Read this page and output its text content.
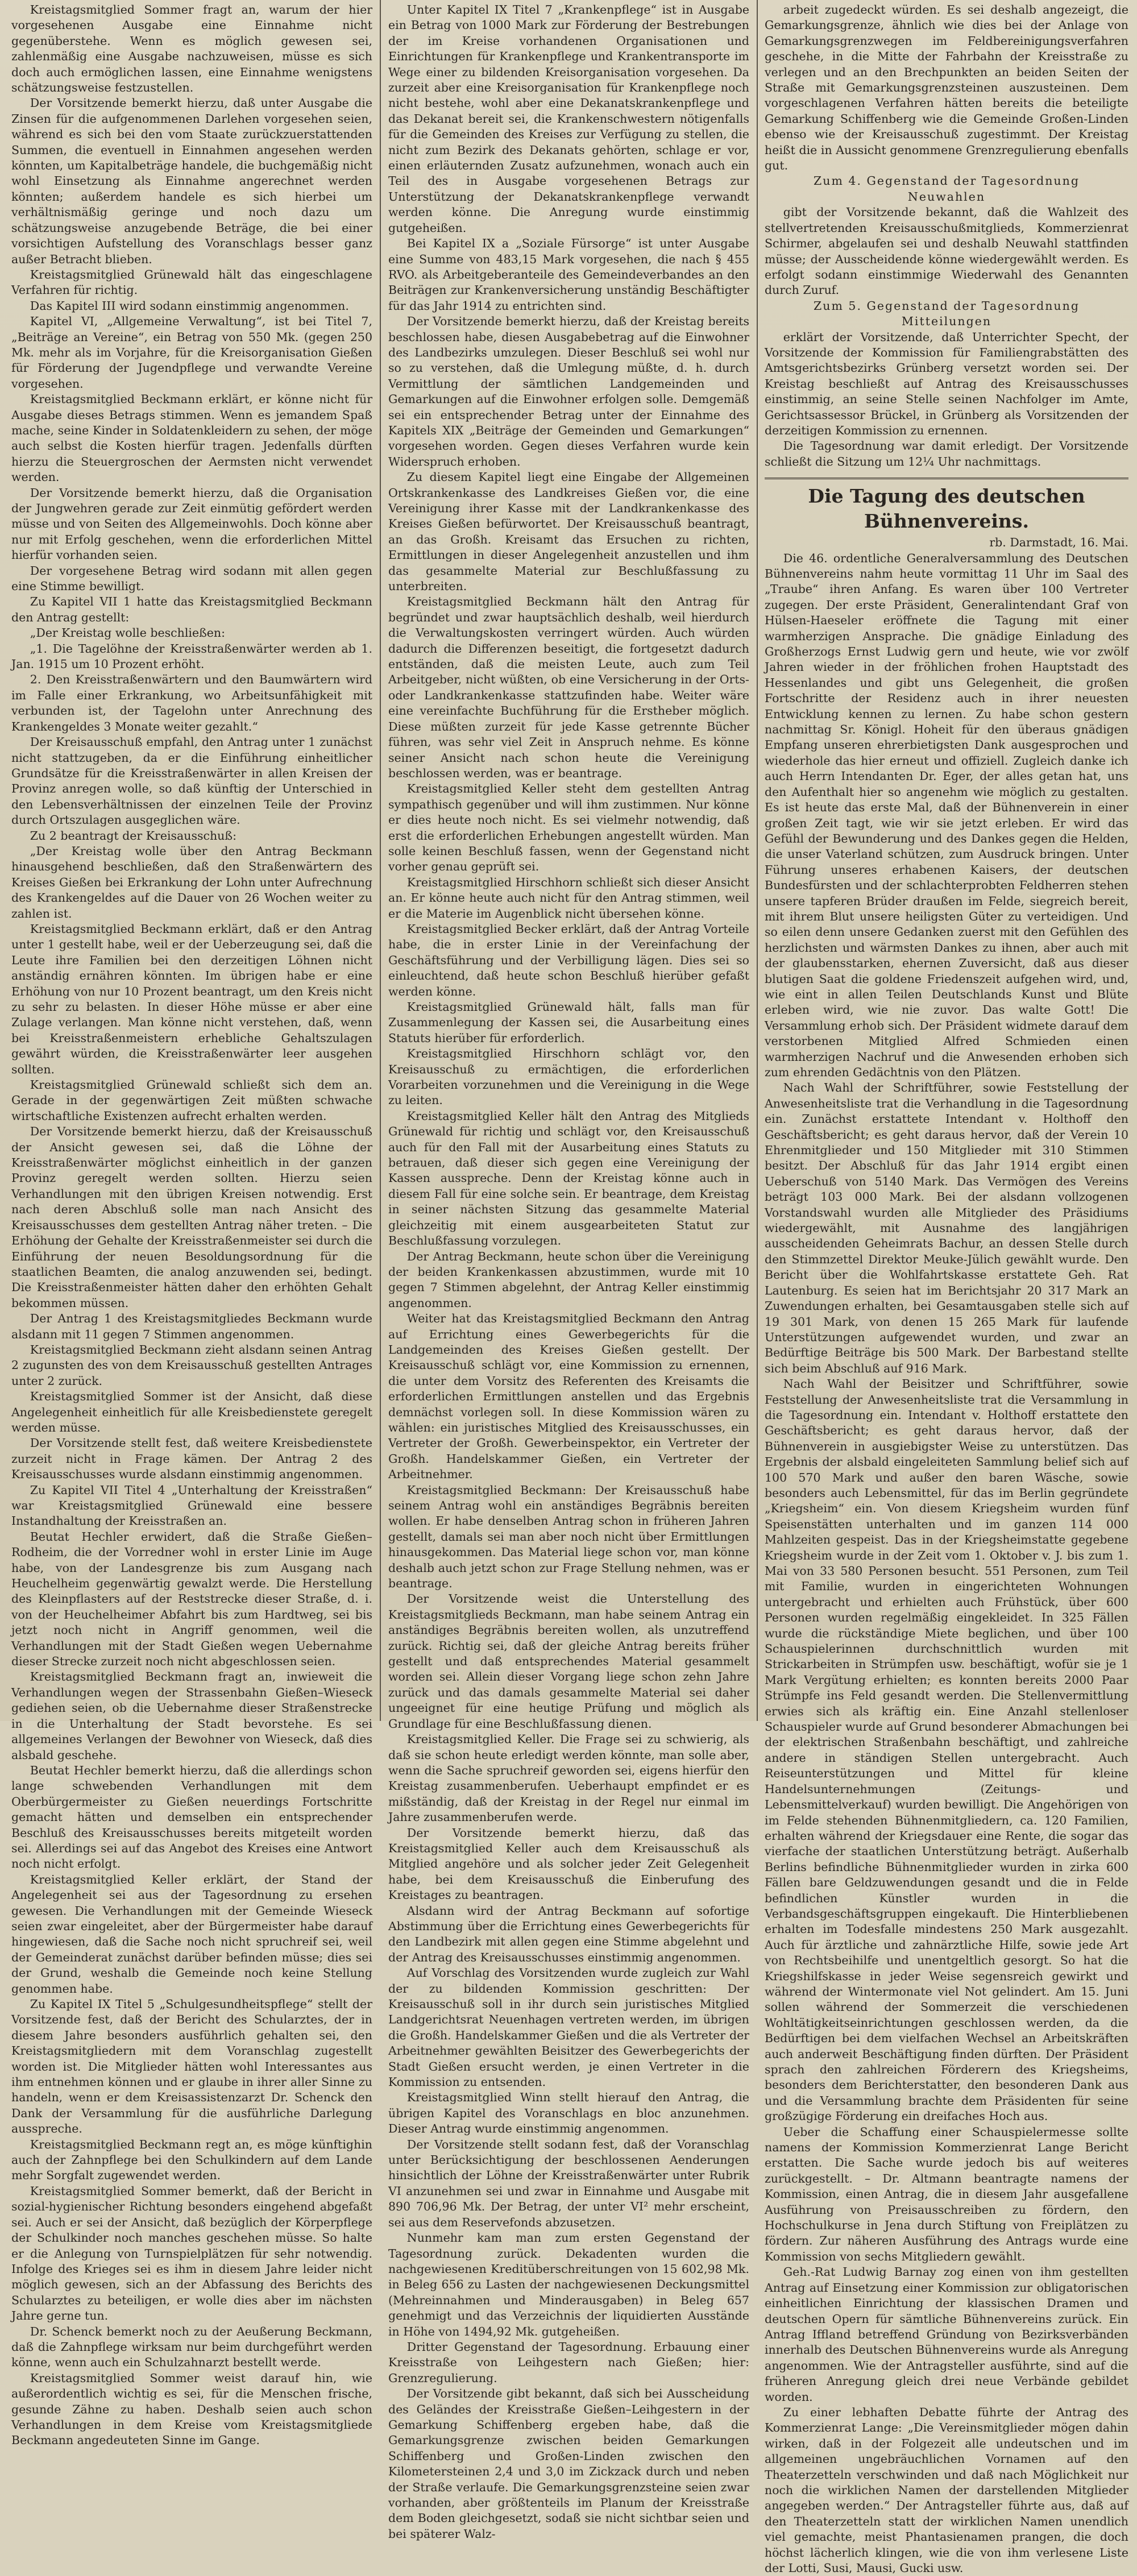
Kreistagsmitglied Sommer fragt an, warum der hier vorgesehenen Ausgabe eine Einnahme nicht gegenüberstehe. Wenn es möglich gewesen sei, zahlenmäßig eine Ausgabe nachzuweisen, müsse es sich doch auch ermöglichen lassen, eine Einnahme wenigstens schätzungsweise festzustellen.

Der Vorsitzende bemerkt hierzu, daß unter Ausgabe die Zinsen für die aufgenommenen Darlehen vorgesehen seien, während es sich bei den vom Staate zurückzuerstattenden Summen, die eventuell in Einnahmen angesehen werden könnten, um Kapitalbeträge handele, die buchgemäßig nicht wohl Einsetzung als Einnahme angerechnet werden könnten; außerdem handele es sich hierbei um verhältnismäßig geringe und noch dazu um schätzungsweise anzugebende Beträge, die bei einer vorsichtigen Aufstellung des Voranschlags besser ganz außer Betracht blieben.

Kreistagsmitglied Grünewald hält das eingeschlagene Verfahren für richtig.

Das Kapitel III wird sodann einstimmig angenommen.

Kapitel VI, „Allgemeine Verwaltung“, ist bei Titel 7, „Beiträge an Vereine“, ein Betrag von 550 Mk. (gegen 250 Mk. mehr als im Vorjahre, für die Kreisorganisation Gießen für Förderung der Jugendpflege und verwandte Vereine vorgesehen.

Kreistagsmitglied Beckmann erklärt, er könne nicht für Ausgabe dieses Betrags stimmen. Wenn es jemandem Spaß mache, seine Kinder in Soldatenkleidern zu sehen, der möge auch selbst die Kosten hierfür tragen. Jedenfalls dürften hierzu die Steuergroschen der Aermsten nicht verwendet werden.

Der Vorsitzende bemerkt hierzu, daß die Organisation der Jungwehren gerade zur Zeit einmütig gefördert werden müsse und von Seiten des Allgemeinwohls. Doch könne aber nur mit Erfolg geschehen, wenn die erforderlichen Mittel hierfür vorhanden seien.

Der vorgesehene Betrag wird sodann mit allen gegen eine Stimme bewilligt.

Zu Kapitel VII 1 hatte das Kreistagsmitglied Beckmann den Antrag gestellt:

„Der Kreistag wolle beschließen:

„1. Die Tagelöhne der Kreisstraßenwärter werden ab 1. Jan. 1915 um 10 Prozent erhöht.

2. Den Kreisstraßenwärtern und den Baumwärtern wird im Falle einer Erkrankung, wo Arbeitsunfähigkeit mit verbunden ist, der Tagelohn unter Anrechnung des Krankengeldes 3 Monate weiter gezahlt.“

Der Kreisausschuß empfahl, den Antrag unter 1 zunächst nicht stattzugeben, da er die Einführung einheitlicher Grundsätze für die Kreisstraßenwärter in allen Kreisen der Provinz anregen wolle, so daß künftig der Unterschied in den Lebensverhältnissen der einzelnen Teile der Provinz durch Ortszulagen ausgeglichen wäre.

Zu 2 beantragt der Kreisausschuß:

„Der Kreistag wolle über den Antrag Beckmann hinausgehend beschließen, daß den Straßenwärtern des Kreises Gießen bei Erkrankung der Lohn unter Aufrechnung des Krankengeldes auf die Dauer von 26 Wochen weiter zu zahlen ist.

Kreistagsmitglied Beckmann erklärt, daß er den Antrag unter 1 gestellt habe, weil er der Ueberzeugung sei, daß die Leute ihre Familien bei den derzeitigen Löhnen nicht anständig ernähren könnten. Im übrigen habe er eine Erhöhung von nur 10 Prozent beantragt, um den Kreis nicht zu sehr zu belasten. In dieser Höhe müsse er aber eine Zulage verlangen. Man könne nicht verstehen, daß, wenn bei Kreisstraßenmeistern erhebliche Gehaltszulagen gewährt würden, die Kreisstraßenwärter leer ausgehen sollten.

Kreistagsmitglied Grünewald schließt sich dem an. Gerade in der gegenwärtigen Zeit müßten schwache wirtschaftliche Existenzen aufrecht erhalten werden.

Der Vorsitzende bemerkt hierzu, daß der Kreisausschuß der Ansicht gewesen sei, daß die Löhne der Kreisstraßenwärter möglichst einheitlich in der ganzen Provinz geregelt werden sollten. Hierzu seien Verhandlungen mit den übrigen Kreisen notwendig. Erst nach deren Abschluß solle man nach Ansicht des Kreisausschusses dem gestellten Antrag näher treten. – Die Erhöhung der Gehalte der Kreisstraßenmeister sei durch die Einführung der neuen Besoldungsordnung für die staatlichen Beamten, die analog anzuwenden sei, bedingt. Die Kreisstraßenmeister hätten daher den erhöhten Gehalt bekommen müssen.

Der Antrag 1 des Kreistagsmitgliedes Beckmann wurde alsdann mit 11 gegen 7 Stimmen angenommen.

Kreistagsmitglied Beckmann zieht alsdann seinen Antrag 2 zugunsten des von dem Kreisausschuß gestellten Antrages unter 2 zurück.

Kreistagsmitglied Sommer ist der Ansicht, daß diese Angelegenheit einheitlich für alle Kreisbedienstete geregelt werden müsse.

Der Vorsitzende stellt fest, daß weitere Kreisbedienstete zurzeit nicht in Frage kämen. Der Antrag 2 des Kreisausschusses wurde alsdann einstimmig angenommen.

Zu Kapitel VII Titel 4 „Unterhaltung der Kreisstraßen“ war Kreistagsmitglied Grünewald eine bessere Instandhaltung der Kreisstraßen an.

Beutat Hechler erwidert, daß die Straße Gießen–Rodheim, die der Vorredner wohl in erster Linie im Auge habe, von der Landesgrenze bis zum Ausgang nach Heuchelheim gegenwärtig gewalzt werde. Die Herstellung des Kleinpflasters auf der Reststrecke dieser Straße, d. i. von der Heuchelheimer Abfahrt bis zum Hardtweg, sei bis jetzt noch nicht in Angriff genommen, weil die Verhandlungen mit der Stadt Gießen wegen Uebernahme dieser Strecke zurzeit noch nicht abgeschlossen seien.

Kreistagsmitglied Beckmann fragt an, inwieweit die Verhandlungen wegen der Strassenbahn Gießen–Wieseck gediehen seien, ob die Uebernahme dieser Straßenstrecke in die Unterhaltung der Stadt bevorstehe. Es sei allgemeines Verlangen der Bewohner von Wieseck, daß dies alsbald geschehe.

Beutat Hechler bemerkt hierzu, daß die allerdings schon lange schwebenden Verhandlungen mit dem Oberbürgermeister zu Gießen neuerdings Fortschritte gemacht hätten und demselben ein entsprechender Beschluß des Kreisausschusses bereits mitgeteilt worden sei. Allerdings sei auf das Angebot des Kreises eine Antwort noch nicht erfolgt.

Kreistagsmitglied Keller erklärt, der Stand der Angelegenheit sei aus der Tagesordnung zu ersehen gewesen. Die Verhandlungen mit der Gemeinde Wieseck seien zwar eingeleitet, aber der Bürgermeister habe darauf hingewiesen, daß die Sache noch nicht spruchreif sei, weil der Gemeinderat zunächst darüber befinden müsse; dies sei der Grund, weshalb die Gemeinde noch keine Stellung genommen habe.

Zu Kapitel IX Titel 5 „Schulgesundheitspflege“ stellt der Vorsitzende fest, daß der Bericht des Schularztes, der in diesem Jahre besonders ausführlich gehalten sei, den Kreistagsmitgliedern mit dem Voranschlag zugestellt worden ist. Die Mitglieder hätten wohl Interessantes aus ihm entnehmen können und er glaube in ihrer aller Sinne zu handeln, wenn er dem Kreisassistenzarzt Dr. Schenck den Dank der Versammlung für die ausführliche Darlegung ausspreche.

Kreistagsmitglied Beckmann regt an, es möge künftighin auch der Zahnpflege bei den Schulkindern auf dem Lande mehr Sorgfalt zugewendet werden.

Kreistagsmitglied Sommer bemerkt, daß der Bericht in sozial-hygienischer Richtung besonders eingehend abgefaßt sei. Auch er sei der Ansicht, daß bezüglich der Körperpflege der Schulkinder noch manches geschehen müsse. So halte er die Anlegung von Turnspielplätzen für sehr notwendig. Infolge des Krieges sei es ihm in diesem Jahre leider nicht möglich gewesen, sich an der Abfassung des Berichts des Schularztes zu beteiligen, er wolle dies aber im nächsten Jahre gerne tun.

Dr. Schenck bemerkt noch zu der Aeußerung Beckmann, daß die Zahnpflege wirksam nur beim durchgeführt werden könne, wenn auch ein Schulzahnarzt bestellt werde.

Kreistagsmitglied Sommer weist darauf hin, wie außerordentlich wichtig es sei, für die Menschen frische, gesunde Zähne zu haben. Deshalb seien auch schon Verhandlungen in dem Kreise vom Kreistagsmitgliede Beckmann angedeuteten Sinne im Gange.

Unter Kapitel IX Titel 7 „Krankenpflege“ ist in Ausgabe ein Betrag von 1000 Mark zur Förderung der Bestrebungen der im Kreise vorhandenen Organisationen und Einrichtungen für Krankenpflege und Krankentransporte im Wege einer zu bildenden Kreisorganisation vorgesehen. Da zurzeit aber eine Kreisorganisation für Krankenpflege noch nicht bestehe, wohl aber eine Dekanatskrankenpflege und das Dekanat bereit sei, die Krankenschwestern nötigenfalls für die Gemeinden des Kreises zur Verfügung zu stellen, die nicht zum Bezirk des Dekanats gehörten, schlage er vor, einen erläuternden Zusatz aufzunehmen, wonach auch ein Teil des in Ausgabe vorgesehenen Betrags zur Unterstützung der Dekanatskrankenpflege verwandt werden könne. Die Anregung wurde einstimmig gutgeheißen.

Bei Kapitel IX a „Soziale Fürsorge“ ist unter Ausgabe eine Summe von 483,15 Mark vorgesehen, die nach § 455 RVO. als Arbeitgeberanteile des Gemeindeverbandes an den Beiträgen zur Krankenversicherung unständig Beschäftigter für das Jahr 1914 zu entrichten sind.

Der Vorsitzende bemerkt hierzu, daß der Kreistag bereits beschlossen habe, diesen Ausgabebetrag auf die Einwohner des Landbezirks umzulegen. Dieser Beschluß sei wohl nur so zu verstehen, daß die Umlegung müßte, d. h. durch Vermittlung der sämtlichen Landgemeinden und Gemarkungen auf die Einwohner erfolgen solle. Demgemäß sei ein entsprechender Betrag unter der Einnahme des Kapitels XIX „Beiträge der Gemeinden und Gemarkungen“ vorgesehen worden. Gegen dieses Verfahren wurde kein Widerspruch erhoben.

Zu diesem Kapitel liegt eine Eingabe der Allgemeinen Ortskrankenkasse des Landkreises Gießen vor, die eine Vereinigung ihrer Kasse mit der Landkrankenkasse des Kreises Gießen befürwortet. Der Kreisausschuß beantragt, an das Großh. Kreisamt das Ersuchen zu richten, Ermittlungen in dieser Angelegenheit anzustellen und ihm das gesammelte Material zur Beschlußfassung zu unterbreiten.

Kreistagsmitglied Beckmann hält den Antrag für begründet und zwar hauptsächlich deshalb, weil hierdurch die Verwaltungskosten verringert würden. Auch würden dadurch die Differenzen beseitigt, die fortgesetzt dadurch entständen, daß die meisten Leute, auch zum Teil Arbeitgeber, nicht wüßten, ob eine Versicherung in der Orts- oder Landkrankenkasse stattzufinden habe. Weiter wäre eine vereinfachte Buchführung für die Erstheber möglich. Diese müßten zurzeit für jede Kasse getrennte Bücher führen, was sehr viel Zeit in Anspruch nehme. Es könne seiner Ansicht nach schon heute die Vereinigung beschlossen werden, was er beantrage.

Kreistagsmitglied Keller steht dem gestellten Antrag sympathisch gegenüber und will ihm zustimmen. Nur könne er dies heute noch nicht. Es sei vielmehr notwendig, daß erst die erforderlichen Erhebungen angestellt würden. Man solle keinen Beschluß fassen, wenn der Gegenstand nicht vorher genau geprüft sei.

Kreistagsmitglied Hirschhorn schließt sich dieser Ansicht an. Er könne heute auch nicht für den Antrag stimmen, weil er die Materie im Augenblick nicht übersehen könne.

Kreistagsmitglied Becker erklärt, daß der Antrag Vorteile habe, die in erster Linie in der Vereinfachung der Geschäftsführung und der Verbilligung lägen. Dies sei so einleuchtend, daß heute schon Beschluß hierüber gefaßt werden könne.

Kreistagsmitglied Grünewald hält, falls man für Zusammenlegung der Kassen sei, die Ausarbeitung eines Statuts hierüber für erforderlich.

Kreistagsmitglied Hirschhorn schlägt vor, den Kreisausschuß zu ermächtigen, die erforderlichen Vorarbeiten vorzunehmen und die Vereinigung in die Wege zu leiten.

Kreistagsmitglied Keller hält den Antrag des Mitglieds Grünewald für richtig und schlägt vor, den Kreisausschuß auch für den Fall mit der Ausarbeitung eines Statuts zu betrauen, daß dieser sich gegen eine Vereinigung der Kassen ausspreche. Denn der Kreistag könne auch in diesem Fall für eine solche sein. Er beantrage, dem Kreistag in seiner nächsten Sitzung das gesammelte Material gleichzeitig mit einem ausgearbeiteten Statut zur Beschlußfassung vorzulegen.

Der Antrag Beckmann, heute schon über die Vereinigung der beiden Krankenkassen abzustimmen, wurde mit 10 gegen 7 Stimmen abgelehnt, der Antrag Keller einstimmig angenommen.

Weiter hat das Kreistagsmitglied Beckmann den Antrag auf Errichtung eines Gewerbegerichts für die Landgemeinden des Kreises Gießen gestellt. Der Kreisausschuß schlägt vor, eine Kommission zu ernennen, die unter dem Vorsitz des Referenten des Kreisamts die erforderlichen Ermittlungen anstellen und das Ergebnis demnächst vorlegen soll. In diese Kommission wären zu wählen: ein juristisches Mitglied des Kreisausschusses, ein Vertreter der Großh. Gewerbeinspektor, ein Vertreter der Großh. Handelskammer Gießen, ein Vertreter der Arbeitnehmer.

Kreistagsmitglied Beckmann: Der Kreisausschuß habe seinem Antrag wohl ein anständiges Begräbnis bereiten wollen. Er habe denselben Antrag schon in früheren Jahren gestellt, damals sei man aber noch nicht über Ermittlungen hinausgekommen. Das Material liege schon vor, man könne deshalb auch jetzt schon zur Frage Stellung nehmen, was er beantrage.

Der Vorsitzende weist die Unterstellung des Kreistagsmitglieds Beckmann, man habe seinem Antrag ein anständiges Begräbnis bereiten wollen, als unzutreffend zurück. Richtig sei, daß der gleiche Antrag bereits früher gestellt und daß entsprechendes Material gesammelt worden sei. Allein dieser Vorgang liege schon zehn Jahre zurück und das damals gesammelte Material sei daher ungeeignet für eine heutige Prüfung und möglich als Grundlage für eine Beschlußfassung dienen.

Kreistagsmitglied Keller. Die Frage sei zu schwierig, als daß sie schon heute erledigt werden könnte, man solle aber, wenn die Sache spruchreif geworden sei, eigens hierfür den Kreistag zusammenberufen. Ueberhaupt empfindet er es mißständig, daß der Kreistag in der Regel nur einmal im Jahre zusammenberufen werde.

Der Vorsitzende bemerkt hierzu, daß das Kreistagsmitglied Keller auch dem Kreisausschuß als Mitglied angehöre und als solcher jeder Zeit Gelegenheit habe, bei dem Kreisausschuß die Einberufung des Kreistages zu beantragen.

Alsdann wird der Antrag Beckmann auf sofortige Abstimmung über die Errichtung eines Gewerbegerichts für den Landbezirk mit allen gegen eine Stimme abgelehnt und der Antrag des Kreisausschusses einstimmig angenommen.

Auf Vorschlag des Vorsitzenden wurde zugleich zur Wahl der zu bildenden Kommission geschritten: Der Kreisausschuß soll in ihr durch sein juristisches Mitglied Landgerichtsrat Neuenhagen vertreten werden, im übrigen die Großh. Handelskammer Gießen und die als Vertreter der Arbeitnehmer gewählten Beisitzer des Gewerbegerichts der Stadt Gießen ersucht werden, je einen Vertreter in die Kommission zu entsenden.

Kreistagsmitglied Winn stellt hierauf den Antrag, die übrigen Kapitel des Voranschlags en bloc anzunehmen. Dieser Antrag wurde einstimmig angenommen.

Der Vorsitzende stellt sodann fest, daß der Voranschlag unter Berücksichtigung der beschlossenen Aenderungen hinsichtlich der Löhne der Kreisstraßenwärter unter Rubrik VI anzunehmen sei und zwar in Einnahme und Ausgabe mit 890 706,96 Mk. Der Betrag, der unter VI² mehr erscheint, sei aus dem Reservefonds abzusetzen.

Nunmehr kam man zum ersten Gegenstand der Tagesordnung zurück. Dekadenten wurden die nachgewiesenen Kreditüberschreitungen von 15 602,98 Mk. in Beleg 656 zu Lasten der nachgewiesenen Deckungsmittel (Mehreinnahmen und Minderausgaben) in Beleg 657 genehmigt und das Verzeichnis der liquidierten Ausstände in Höhe von 1494,92 Mk. gutgeheißen.

Dritter Gegenstand der Tagesordnung. Erbauung einer Kreisstraße von Leihgestern nach Gießen; hier: Grenzregulierung.

Der Vorsitzende gibt bekannt, daß sich bei Ausscheidung des Geländes der Kreisstraße Gießen–Leihgestern in der Gemarkung Schiffenberg ergeben habe, daß die Gemarkungsgrenze zwischen beiden Gemarkungen Schiffenberg und Großen-Linden zwischen den Kilometersteinen 2,4 und 3,0 im Zickzack durch und neben der Straße verlaufe. Die Gemarkungsgrenzsteine seien zwar vorhanden, aber größtenteils im Planum der Kreisstraße dem Boden gleichgesetzt, sodaß sie nicht sichtbar seien und bei späterer Walz-

arbeit zugedeckt würden. Es sei deshalb angezeigt, die Gemarkungsgrenze, ähnlich wie dies bei der Anlage von Gemarkungsgrenzwegen im Feldbereinigungsverfahren geschehe, in die Mitte der Fahrbahn der Kreisstraße zu verlegen und an den Brechpunkten an beiden Seiten der Straße mit Gemarkungsgrenzsteinen auszusteinen. Dem vorgeschlagenen Verfahren hätten bereits die beteiligte Gemarkung Schiffenberg wie die Gemeinde Großen-Linden ebenso wie der Kreisausschuß zugestimmt. Der Kreistag heißt die in Aussicht genommene Grenzregulierung ebenfalls gut.

Zum 4. Gegenstand der Tagesordnung

Neuwahlen

gibt der Vorsitzende bekannt, daß die Wahlzeit des stellvertretenden Kreisausschußmitglieds, Kommerzienrat Schirmer, abgelaufen sei und deshalb Neuwahl stattfinden müsse; der Ausscheidende könne wiedergewählt werden. Es erfolgt sodann einstimmige Wiederwahl des Genannten durch Zuruf.

Zum 5. Gegenstand der Tagesordnung

Mitteilungen

erklärt der Vorsitzende, daß Unterrichter Specht, der Vorsitzende der Kommission für Familiengrabstätten des Amtsgerichtsbezirks Grünberg versetzt worden sei. Der Kreistag beschließt auf Antrag des Kreisausschusses einstimmig, an seine Stelle seinen Nachfolger im Amte, Gerichtsassessor Brückel, in Grünberg als Vorsitzenden der derzeitigen Kommission zu ernennen.

Die Tagesordnung war damit erledigt. Der Vorsitzende schließt die Sitzung um 12¼ Uhr nachmittags.

Die Tagung des deutschen Bühnenvereins.

rb. Darmstadt, 16. Mai.

Die 46. ordentliche Generalversammlung des Deutschen Bühnenvereins nahm heute vormittag 11 Uhr im Saal des „Traube“ ihren Anfang. Es waren über 100 Vertreter zugegen. Der erste Präsident, Generalintendant Graf von Hülsen-Haeseler eröffnete die Tagung mit einer warmherzigen Ansprache. Die gnädige Einladung des Großherzogs Ernst Ludwig gern und heute, wie vor zwölf Jahren wieder in der fröhlichen frohen Hauptstadt des Hessenlandes und gibt uns Gelegenheit, die großen Fortschritte der Residenz auch in ihrer neuesten Entwicklung kennen zu lernen. Zu habe schon gestern nachmittag Sr. Königl. Hoheit für den überaus gnädigen Empfang unseren ehrerbietigsten Dank ausgesprochen und wiederhole das hier erneut und offiziell. Zugleich danke ich auch Herrn Intendanten Dr. Eger, der alles getan hat, uns den Aufenthalt hier so angenehm wie möglich zu gestalten. Es ist heute das erste Mal, daß der Bühnenverein in einer großen Zeit tagt, wie wir sie jetzt erleben. Er wird das Gefühl der Bewunderung und des Dankes gegen die Helden, die unser Vaterland schützen, zum Ausdruck bringen. Unter Führung unseres erhabenen Kaisers, der deutschen Bundesfürsten und der schlachterprobten Feldherren stehen unsere tapferen Brüder draußen im Felde, siegreich bereit, mit ihrem Blut unsere heiligsten Güter zu verteidigen. Und so eilen denn unsere Gedanken zuerst mit den Gefühlen des herzlichsten und wärmsten Dankes zu ihnen, aber auch mit der glaubensstarken, ehernen Zuversicht, daß aus dieser blutigen Saat die goldene Friedenszeit aufgehen wird, und, wie eint in allen Teilen Deutschlands Kunst und Blüte erleben wird, wie nie zuvor. Das walte Gott! Die Versammlung erhob sich. Der Präsident widmete darauf dem verstorbenen Mitglied Alfred Schmieden einen warmherzigen Nachruf und die Anwesenden erhoben sich zum ehrenden Gedächtnis von den Plätzen.

Nach Wahl der Schriftführer, sowie Feststellung der Anwesenheitsliste trat die Verhandlung in die Tagesordnung ein. Zunächst erstattete Intendant v. Holthoff den Geschäftsbericht; es geht daraus hervor, daß der Verein 10 Ehrenmitglieder und 150 Mitglieder mit 310 Stimmen besitzt. Der Abschluß für das Jahr 1914 ergibt einen Ueberschuß von 5140 Mark. Das Vermögen des Vereins beträgt 103 000 Mark. Bei der alsdann vollzogenen Vorstandswahl wurden alle Mitglieder des Präsidiums wiedergewählt, mit Ausnahme des langjährigen ausscheidenden Geheimrats Bachur, an dessen Stelle durch den Stimmzettel Direktor Meuke-Jülich gewählt wurde. Den Bericht über die Wohlfahrtskasse erstattete Geh. Rat Lautenburg. Es seien hat im Berichtsjahr 20 317 Mark an Zuwendungen erhalten, bei Gesamtausgaben stelle sich auf 19 301 Mark, von denen 15 265 Mark für laufende Unterstützungen aufgewendet wurden, und zwar an Bedürftige Beiträge bis 500 Mark. Der Barbestand stellte sich beim Abschluß auf 916 Mark.

Nach Wahl der Beisitzer und Schriftführer, sowie Feststellung der Anwesenheitsliste trat die Versammlung in die Tagesordnung ein. Intendant v. Holthoff erstattete den Geschäftsbericht; es geht daraus hervor, daß der Bühnenverein in ausgiebigster Weise zu unterstützen. Das Ergebnis der alsbald eingeleiteten Sammlung belief sich auf 100 570 Mark und außer den baren Wäsche, sowie besonders auch Lebensmittel, für das im Berlin gegründete „Kriegsheim“ ein. Von diesem Kriegsheim wurden fünf Speisenstätten unterhalten und im ganzen 114 000 Mahlzeiten gespeist. Das in der Kriegsheimstatte gegebene Kriegsheim wurde in der Zeit vom 1. Oktober v. J. bis zum 1. Mai von 33 580 Personen besucht. 551 Personen, zum Teil mit Familie, wurden in eingerichteten Wohnungen untergebracht und erhielten auch Frühstück, über 600 Personen wurden regelmäßig eingekleidet. In 325 Fällen wurde die rückständige Miete beglichen, und über 100 Schauspielerinnen durchschnittlich wurden mit Strickarbeiten in Strümpfen usw. beschäftigt, wofür sie je 1 Mark Vergütung erhielten; es konnten bereits 2000 Paar Strümpfe ins Feld gesandt werden. Die Stellenvermittlung erwies sich als kräftig ein. Eine Anzahl stellenloser Schauspieler wurde auf Grund besonderer Abmachungen bei der elektrischen Straßenbahn beschäftigt, und zahlreiche andere in ständigen Stellen untergebracht. Auch Reiseunterstützungen und Mittel für kleine Handelsunternehmungen (Zeitungs- und Lebensmittelverkauf) wurden bewilligt. Die Angehörigen von im Felde stehenden Bühnenmitgliedern, ca. 120 Familien, erhalten während der Kriegsdauer eine Rente, die sogar das vierfache der staatlichen Unterstützung beträgt. Außerhalb Berlins befindliche Bühnenmitglieder wurden in zirka 600 Fällen bare Geldzuwendungen gesandt und die in Felde befindlichen Künstler wurden in die Verbandsgeschäftsgruppen eingekauft. Die Hinterbliebenen erhalten im Todesfalle mindestens 250 Mark ausgezahlt. Auch für ärztliche und zahnärztliche Hilfe, sowie jede Art von Rechtsbeihilfe und unentgeltlich gesorgt. So hat die Kriegshilfskasse in jeder Weise segensreich gewirkt und während der Wintermonate viel Not gelindert. Am 15. Juni sollen während der Sommerzeit die verschiedenen Wohltätigkeitseinrichtungen geschlossen werden, da die Bedürftigen bei dem vielfachen Wechsel an Arbeitskräften auch anderweit Beschäftigung finden dürften. Der Präsident sprach den zahlreichen Förderern des Kriegsheims, besonders dem Berichterstatter, den besonderen Dank aus und die Versammlung brachte dem Präsidenten für seine großzügige Förderung ein dreifaches Hoch aus.

Ueber die Schaffung einer Schauspielermesse sollte namens der Kommission Kommerzienrat Lange Bericht erstatten. Die Sache wurde jedoch bis auf weiteres zurückgestellt. – Dr. Altmann beantragte namens der Kommission, einen Antrag, die in diesem Jahr ausgefallene Ausführung von Preisausschreiben zu fördern, den Hochschulkurse in Jena durch Stiftung von Freiplätzen zu fördern. Zur näheren Ausführung des Antrags wurde eine Kommission von sechs Mitgliedern gewählt.

Geh.-Rat Ludwig Barnay zog einen von ihm gestellten Antrag auf Einsetzung einer Kommission zur obligatorischen einheitlichen Einrichtung der klassischen Dramen und deutschen Opern für sämtliche Bühnenvereins zurück. Ein Antrag Iffland betreffend Gründung von Bezirksverbänden innerhalb des Deutschen Bühnenvereins wurde als Anregung angenommen. Wie der Antragsteller ausführte, sind auf die früheren Anregung gleich drei neue Verbände gebildet worden.

Zu einer lebhaften Debatte führte der Antrag des Kommerzienrat Lange: „Die Vereinsmitglieder mögen dahin wirken, daß in der Folgezeit alle undeutschen und im allgemeinen ungebräuchlichen Vornamen auf den Theaterzetteln verschwinden und daß nach Möglichkeit nur noch die wirklichen Namen der darstellenden Mitglieder angegeben werden.“ Der Antragsteller führte aus, daß auf den Theaterzetteln statt der wirklichen Namen unendlich viel gemachte, meist Phantasienamen prangen, die doch höchst lächerlich klingen, wie die von ihm verlesene Liste der Lotti, Susi, Mausi, Gucki usw.
